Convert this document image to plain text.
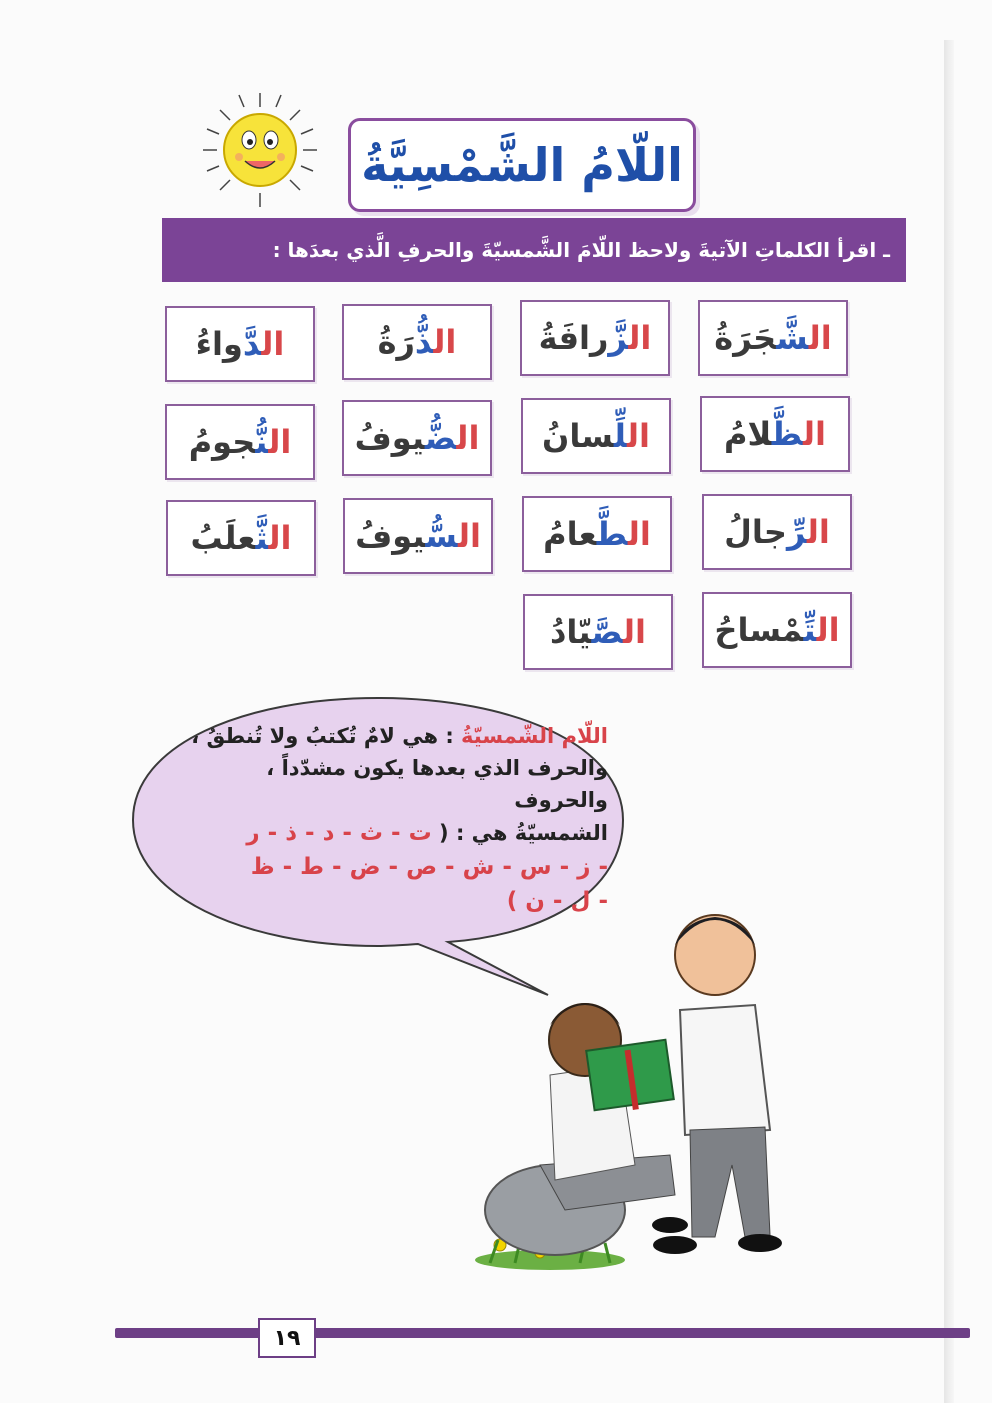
اللّامُ الشَّمْسِيَّةُ
ـ اقرأ الكلماتِ الآتيةَ ولاحظ اللّامَ الشَّمسيّةَ والحرفِ الَّذي بعدَها :
الشَّجَرَةُ
الزَّرافَةُ
الذُّرَةُ
الدَّواءُ
الظَّلامُ
اللِّسانُ
الضُّيوفُ
النُّجومُ
الرِّجالُ
الطَّعامُ
السُّيوفُ
الثَّعلَبُ
التِّمْساحُ
الصَّيّادُ
اللّام الشّمسيّةُ : هي لامٌ تُكتبُ ولا تُنطقُ ،
والحرف الذي بعدها يكون مشدّداً ، والحروف
الشمسيّةُ هي : ( ت - ث - د - ذ - ر
- ز - س - ش - ص - ض - ط - ظ
- ل - ن )
١٩
